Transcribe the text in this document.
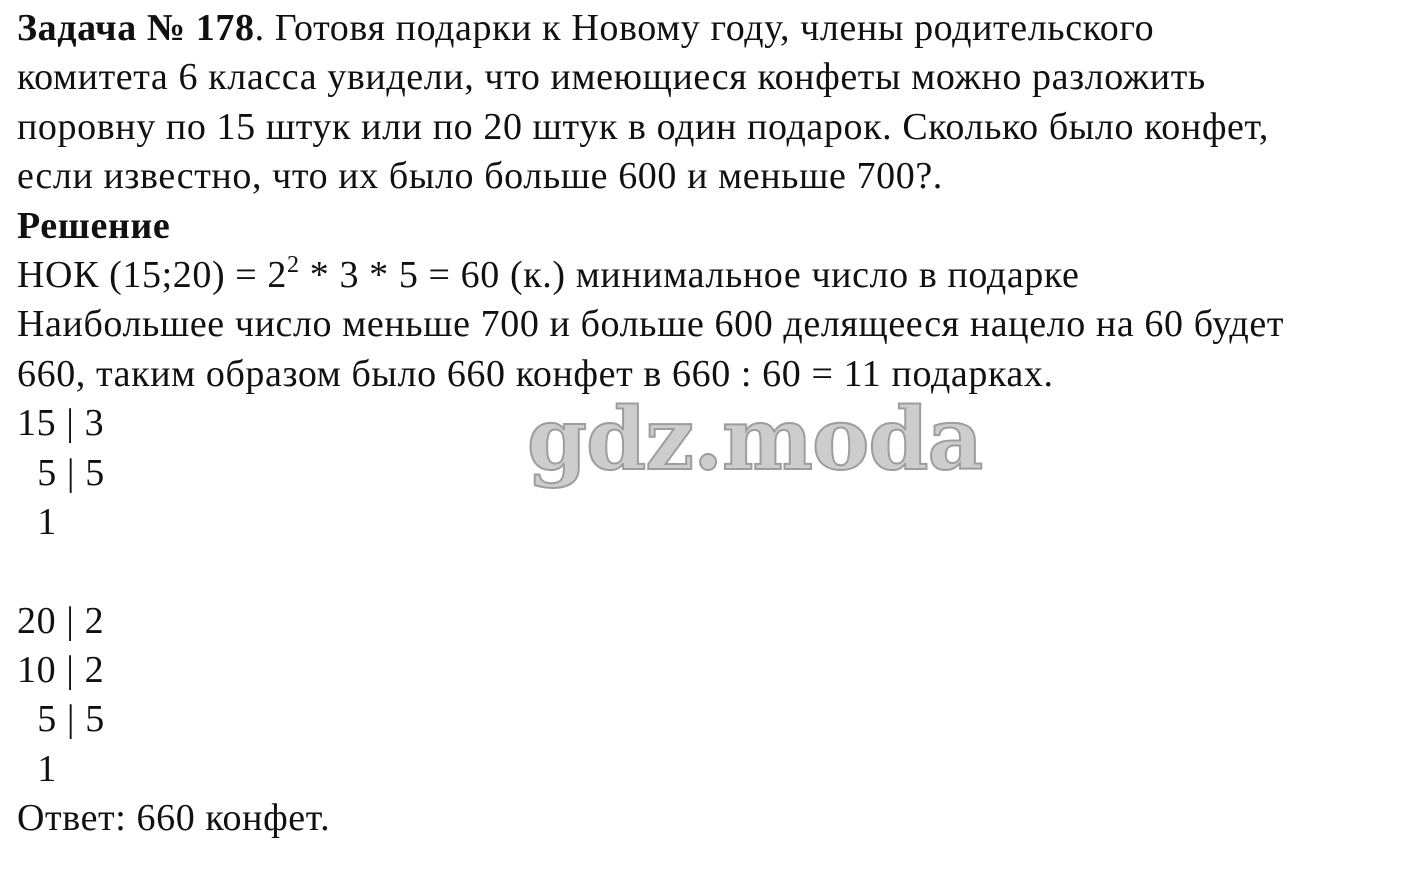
Задача № 178. Готовя подарки к Новому году, члены родительского
комитета 6 класса увидели, что имеющиеся конфеты можно разложить
поровну по 15 штук или по 20 штук в один подарок. Сколько было конфет,
если известно, что их было больше 600 и меньше 700?.
Решение
НОК (15;20) = $2^2 * 3 * 5 = 60$ (к.) минимальное число в подарке
Наибольшее число меньше 700 и больше 600 делящееся нацело на 60 будет
660, таким образом было 660 конфет в 660 : 60 = 11 подарках.
15 | 3
5 | 5
1
20 | 2
10 | 2
5 | 5
1
Ответ: 660 конфет.
gdz.moda
